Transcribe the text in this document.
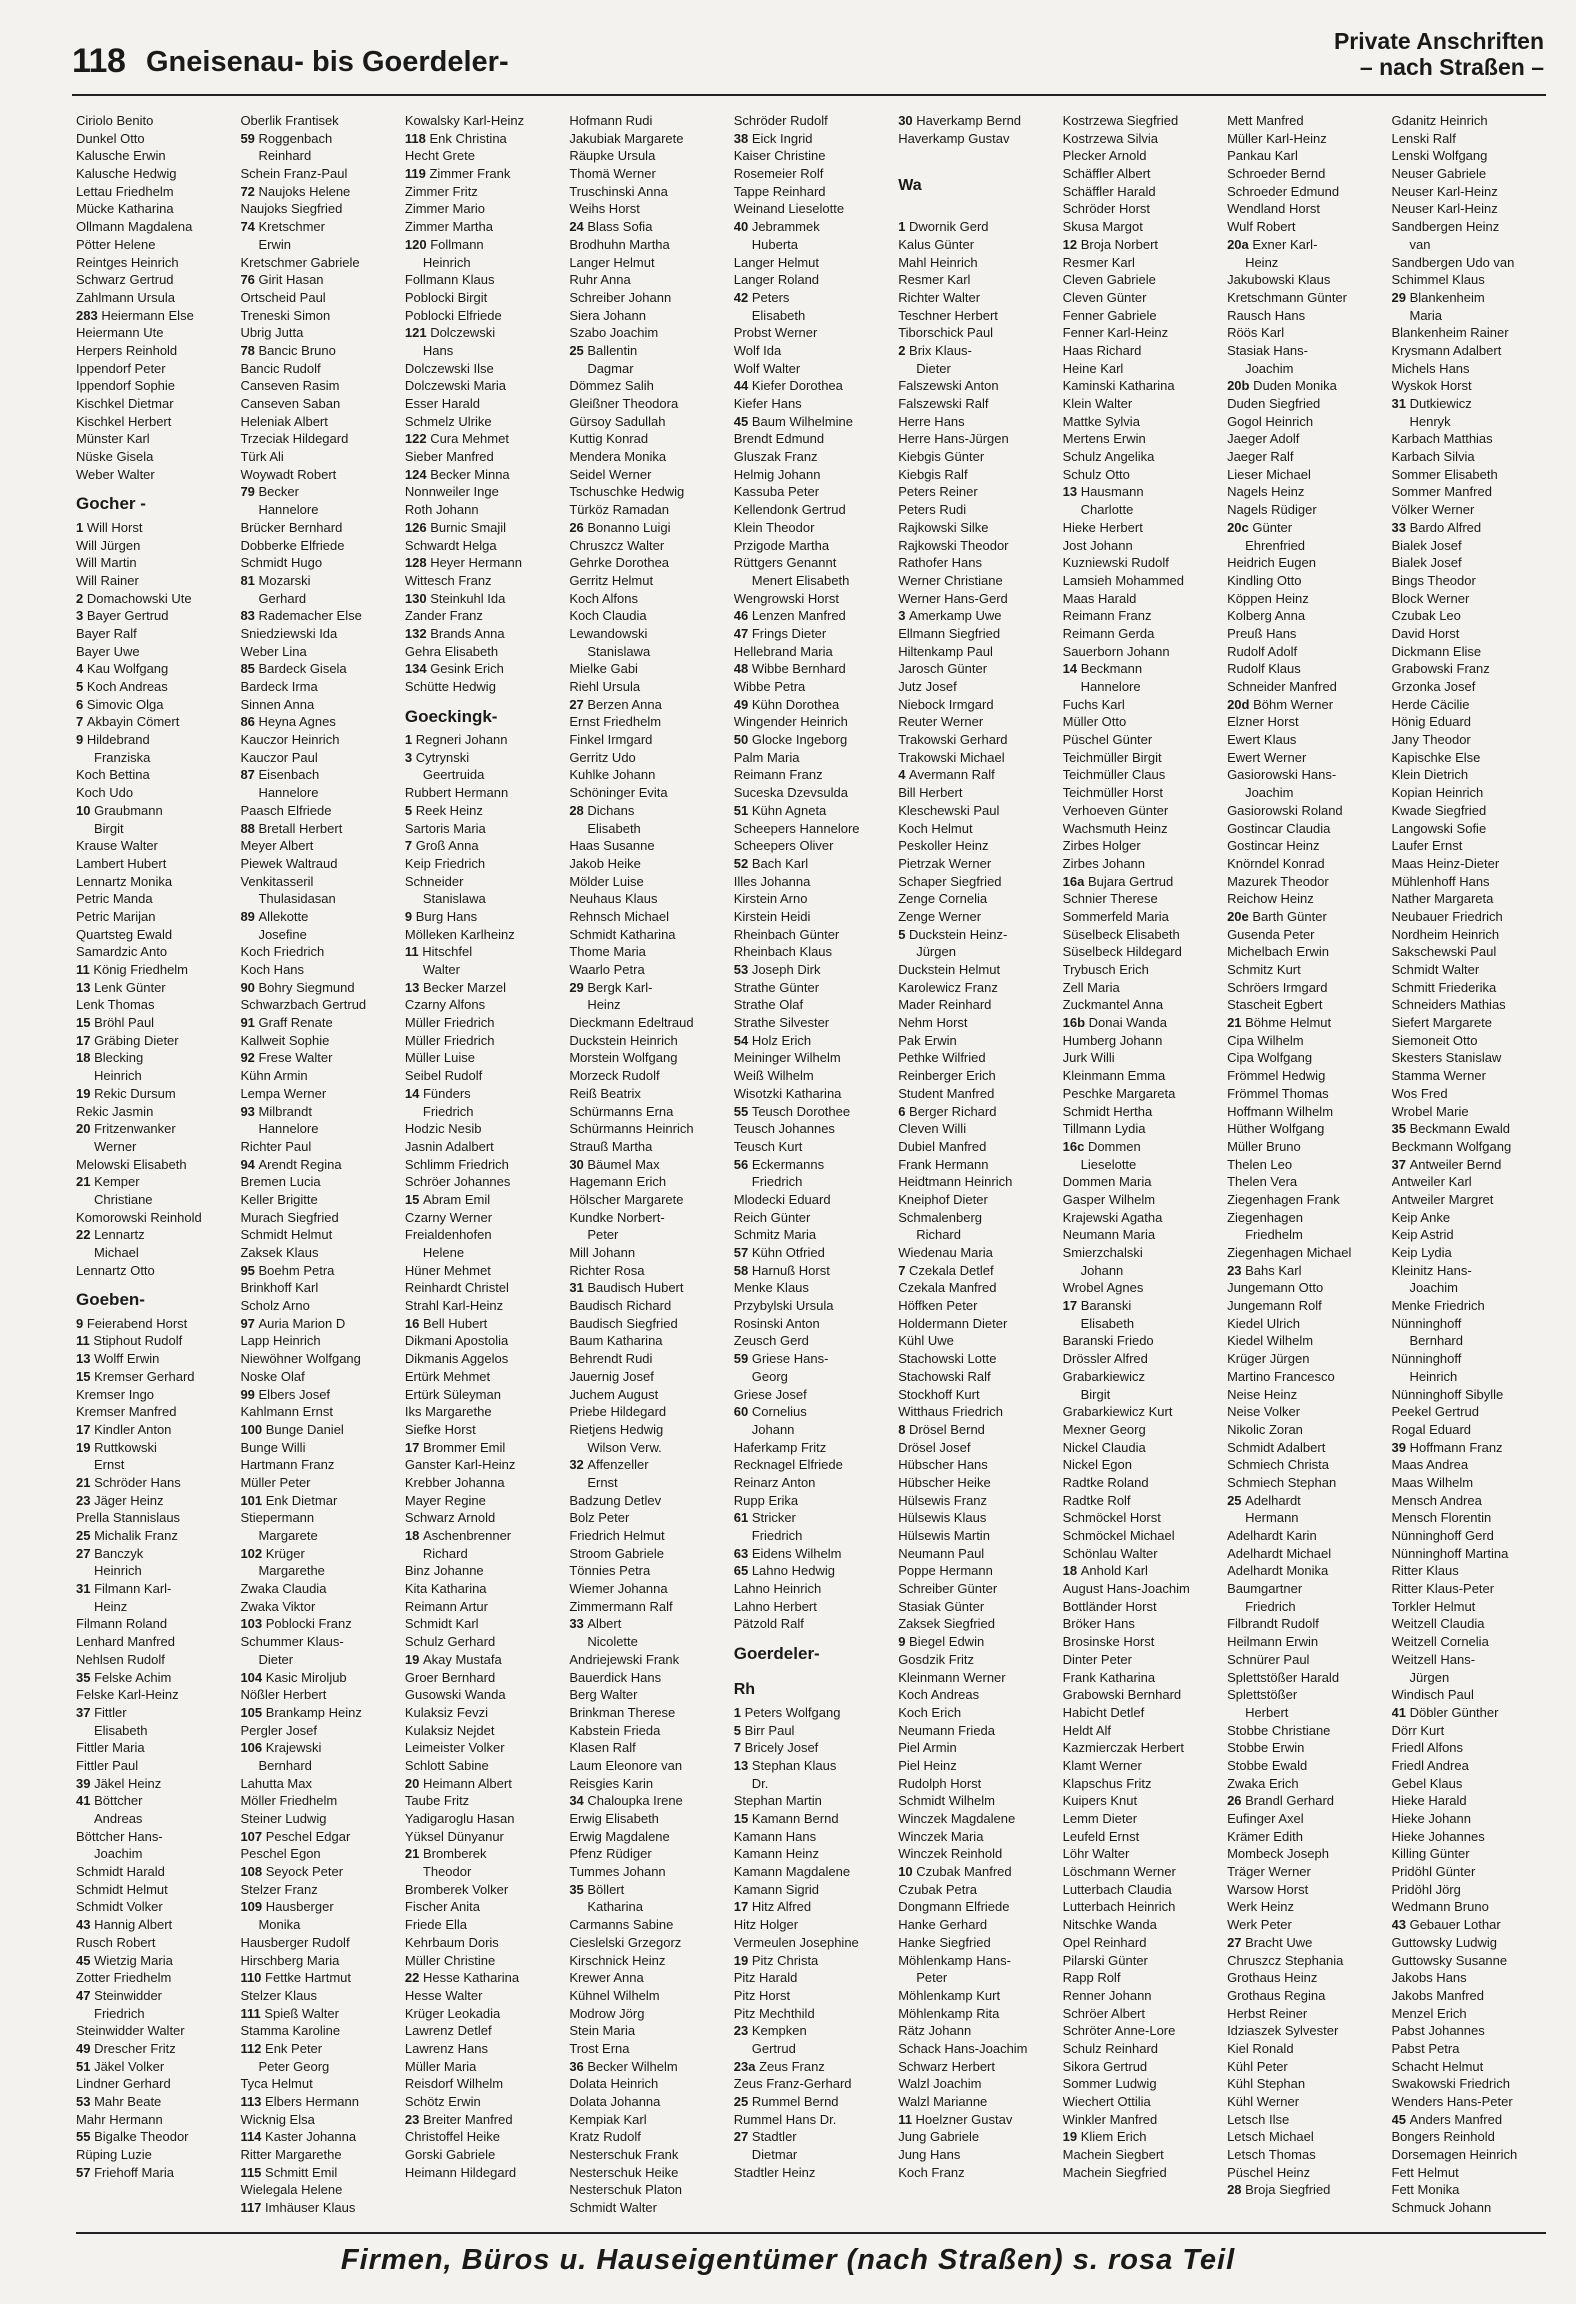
118 Gneisenau- bis Goerdeler-
Private Anschriften
– nach Straßen –
Ciriolo Benito
Dunkel Otto
Kalusche Erwin
Kalusche Hedwig
Lettau Friedhelm
Mücke Katharina
Ollmann Magdalena
Pötter Helene
Reintges Heinrich
Schwarz Gertrud
Zahlmann Ursula
283 Heiermann Else
Heiermann Ute
Herpers Reinhold
Ippendorf Peter
Ippendorf Sophie
Kischkel Dietmar
Kischkel Herbert
Münster Karl
Nüske Gisela
Weber Walter
Gocher -
1 Will Horst
Will Jürgen
Will Martin
Will Rainer
2 Domachowski Ute
3 Bayer Gertrud
Bayer Ralf
Bayer Uwe
4 Kau Wolfgang
5 Koch Andreas
6 Simovic Olga
7 Akbayin Cömert
9 Hildebrand
Franziska
Koch Bettina
Koch Udo
10 Graubmann
Birgit
Krause Walter
Lambert Hubert
Lennartz Monika
Petric Manda
Petric Marijan
Quartsteg Ewald
Samardzic Anto
11 König Friedhelm
13 Lenk Günter
Lenk Thomas
15 Bröhl Paul
17 Gräbing Dieter
18 Blecking
Heinrich
19 Rekic Dursum
Rekic Jasmin
20 Fritzenwanker
Werner
Melowski Elisabeth
21 Kemper
Christiane
Komorowski Reinhold
22 Lennartz
Michael
Lennartz Otto
Goeben-
9 Feierabend Horst
11 Stiphout Rudolf
13 Wolff Erwin
15 Kremser Gerhard
Kremser Ingo
Kremser Manfred
17 Kindler Anton
19 Ruttkowski
Ernst
21 Schröder Hans
23 Jäger Heinz
Prella Stannislaus
25 Michalik Franz
27 Banczyk
Heinrich
31 Filmann Karl-
Heinz
Filmann Roland
Lenhard Manfred
Nehlsen Rudolf
35 Felske Achim
Felske Karl-Heinz
37 Fittler
Elisabeth
Fittler Maria
Fittler Paul
39 Jäkel Heinz
41 Böttcher
Andreas
Böttcher Hans-
Joachim
Schmidt Harald
Schmidt Helmut
Schmidt Volker
43 Hannig Albert
Rusch Robert
45 Wietzig Maria
Zotter Friedhelm
47 Steinwidder
Friedrich
Steinwidder Walter
49 Drescher Fritz
51 Jäkel Volker
Lindner Gerhard
53 Mahr Beate
Mahr Hermann
55 Bigalke Theodor
Rüping Luzie
57 Friehoff Maria
Oberlik Frantisek
59 Roggenbach
Reinhard
Schein Franz-Paul
72 Naujoks Helene
Naujoks Siegfried
74 Kretschmer
Erwin
Kretschmer Gabriele
76 Girit Hasan
Ortscheid Paul
Treneski Simon
Ubrig Jutta
78 Bancic Bruno
Bancic Rudolf
Canseven Rasim
Canseven Saban
Heleniak Albert
Trzeciak Hildegard
Türk Ali
Woywadt Robert
79 Becker
Hannelore
Brücker Bernhard
Dobberke Elfriede
Schmidt Hugo
81 Mozarski
Gerhard
83 Rademacher Else
Sniedziewski Ida
Weber Lina
85 Bardeck Gisela
Bardeck Irma
Sinnen Anna
86 Heyna Agnes
Kauczor Heinrich
Kauczor Paul
87 Eisenbach
Hannelore
Paasch Elfriede
88 Bretall Herbert
Meyer Albert
Piewek Waltraud
Venkitasseril
Thulasidasan
89 Allekotte
Josefine
Koch Friedrich
Koch Hans
90 Bohry Siegmund
Schwarzbach Gertrud
91 Graff Renate
Kallweit Sophie
92 Frese Walter
Kühn Armin
Lempa Werner
93 Milbrandt
Hannelore
Richter Paul
94 Arendt Regina
Bremen Lucia
Keller Brigitte
Murach Siegfried
Schmidt Helmut
Zaksek Klaus
95 Boehm Petra
Brinkhoff Karl
Scholz Arno
97 Auria Marion D
Lapp Heinrich
Niewöhner Wolfgang
Noske Olaf
99 Elbers Josef
Kahlmann Ernst
100 Bunge Daniel
Bunge Willi
Hartmann Franz
Müller Peter
101 Enk Dietmar
Stiepermann
Margarete
102 Krüger
Margarethe
Zwaka Claudia
Zwaka Viktor
103 Poblocki Franz
Schummer Klaus-
Dieter
104 Kasic Miroljub
Nößler Herbert
105 Brankamp Heinz
Pergler Josef
106 Krajewski
Bernhard
Lahutta Max
Möller Friedhelm
Steiner Ludwig
107 Peschel Edgar
Peschel Egon
108 Seyock Peter
Stelzer Franz
109 Hausberger
Monika
Hausberger Rudolf
Hirschberg Maria
110 Fettke Hartmut
Stelzer Klaus
111 Spieß Walter
Stamma Karoline
112 Enk Peter
Peter Georg
Tyca Helmut
113 Elbers Hermann
Wicknig Elsa
114 Kaster Johanna
Ritter Margarethe
115 Schmitt Emil
Wielegala Helene
117 Imhäuser Klaus
Kowalsky Karl-Heinz
118 Enk Christina
Hecht Grete
119 Zimmer Frank
Zimmer Fritz
Zimmer Mario
Zimmer Martha
120 Follmann
Heinrich
Follmann Klaus
Poblocki Birgit
Poblocki Elfriede
121 Dolczewski
Hans
Dolczewski Ilse
Dolczewski Maria
Esser Harald
Schmelz Ulrike
122 Cura Mehmet
Sieber Manfred
124 Becker Minna
Nonnweiler Inge
Roth Johann
126 Burnic Smajil
Schwardt Helga
128 Heyer Hermann
Wittesch Franz
130 Steinkuhl Ida
Zander Franz
132 Brands Anna
Gehra Elisabeth
134 Gesink Erich
Schütte Hedwig
Goeckingk-
1 Regneri Johann
3 Cytrynski
Geertruida
Rubbert Hermann
5 Reek Heinz
Sartoris Maria
7 Groß Anna
Keip Friedrich
Schneider
Stanislawa
9 Burg Hans
Mölleken Karlheinz
11 Hitschfel
Walter
13 Becker Marzel
Czarny Alfons
Müller Friedrich
Müller Friedrich
Müller Luise
Seibel Rudolf
14 Fünders
Friedrich
Hodzic Nesib
Jasnin Adalbert
Schlimm Friedrich
Schröer Johannes
15 Abram Emil
Czarny Werner
Freialdenhofen
Helene
Hüner Mehmet
Reinhardt Christel
Strahl Karl-Heinz
16 Bell Hubert
Dikmani Apostolia
Dikmanis Aggelos
Ertürk Mehmet
Ertürk Süleyman
Iks Margarethe
Siefke Horst
17 Brommer Emil
Ganster Karl-Heinz
Krebber Johanna
Mayer Regine
Schwarz Arnold
18 Aschenbrenner
Richard
Binz Johanne
Kita Katharina
Reimann Artur
Schmidt Karl
Schulz Gerhard
19 Akay Mustafa
Groer Bernhard
Gusowski Wanda
Kulaksiz Fevzi
Kulaksiz Nejdet
Leimeister Volker
Schlott Sabine
20 Heimann Albert
Taube Fritz
Yadigaroglu Hasan
Yüksel Dünyanur
21 Bromberek
Theodor
Bromberek Volker
Fischer Anita
Friede Ella
Kehrbaum Doris
Müller Christine
22 Hesse Katharina
Hesse Walter
Krüger Leokadia
Lawrenz Detlef
Lawrenz Hans
Müller Maria
Reisdorf Wilhelm
Schötz Erwin
23 Breiter Manfred
Christoffel Heike
Gorski Gabriele
Heimann Hildegard
Hofmann Rudi
Jakubiak Margarete
Räupke Ursula
Thomä Werner
Truschinski Anna
Weihs Horst
24 Blass Sofia
Brodhuhn Martha
Langer Helmut
Ruhr Anna
Schreiber Johann
Siera Johann
Szabo Joachim
25 Ballentin
Dagmar
Dömmez Salih
Gleißner Theodora
Gürsoy Sadullah
Kuttig Konrad
Mendera Monika
Seidel Werner
Tschuschke Hedwig
Türköz Ramadan
26 Bonanno Luigi
Chruszcz Walter
Gehrke Dorothea
Gerritz Helmut
Koch Alfons
Koch Claudia
Lewandowski
Stanislawa
Mielke Gabi
Riehl Ursula
27 Berzen Anna
Ernst Friedhelm
Finkel Irmgard
Gerritz Udo
Kuhlke Johann
Schöninger Evita
28 Dichans
Elisabeth
Haas Susanne
Jakob Heike
Mölder Luise
Neuhaus Klaus
Rehnsch Michael
Schmidt Katharina
Thome Maria
Waarlo Petra
29 Bergk Karl-
Heinz
Dieckmann Edeltraud
Duckstein Heinrich
Morstein Wolfgang
Morzeck Rudolf
Reiß Beatrix
Schürmanns Erna
Schürmanns Heinrich
Strauß Martha
30 Bäumel Max
Hagemann Erich
Hölscher Margarete
Kundke Norbert-
Peter
Mill Johann
Richter Rosa
31 Baudisch Hubert
Baudisch Richard
Baudisch Siegfried
Baum Katharina
Behrendt Rudi
Jauernig Josef
Juchem August
Priebe Hildegard
Rietjens Hedwig
Wilson Verw.
32 Affenzeller
Ernst
Badzung Detlev
Bolz Peter
Friedrich Helmut
Stroom Gabriele
Tönnies Petra
Wiemer Johanna
Zimmermann Ralf
33 Albert
Nicolette
Andriejewski Frank
Bauerdick Hans
Berg Walter
Brinkman Therese
Kabstein Frieda
Klasen Ralf
Laum Eleonore van
Reisgies Karin
34 Chaloupka Irene
Erwig Elisabeth
Erwig Magdalene
Pfenz Rüdiger
Tummes Johann
35 Böllert
Katharina
Carmanns Sabine
Cieslelski Grzegorz
Kirschnick Heinz
Krewer Anna
Kühnel Wilhelm
Modrow Jörg
Stein Maria
Trost Erna
36 Becker Wilhelm
Dolata Heinrich
Dolata Johanna
Kempiak Karl
Kratz Rudolf
Nesterschuk Frank
Nesterschuk Heike
Nesterschuk Platon
Schmidt Walter
Schröder Rudolf
38 Eick Ingrid
Kaiser Christine
Rosemeier Rolf
Tappe Reinhard
Weinand Lieselotte
40 Jebrammek
Huberta
Langer Helmut
Langer Roland
42 Peters
Elisabeth
Probst Werner
Wolf Ida
Wolf Walter
44 Kiefer Dorothea
Kiefer Hans
45 Baum Wilhelmine
Brendt Edmund
Gluszak Franz
Helmig Johann
Kassuba Peter
Kellendonk Gertrud
Klein Theodor
Przigode Martha
Rüttgers Genannt
Menert Elisabeth
Wengrowski Horst
46 Lenzen Manfred
47 Frings Dieter
Hellebrand Maria
48 Wibbe Bernhard
Wibbe Petra
49 Kühn Dorothea
Wingender Heinrich
50 Glocke Ingeborg
Palm Maria
Reimann Franz
Suceska Dzevsulda
51 Kühn Agneta
Scheepers Hannelore
Scheepers Oliver
52 Bach Karl
Illes Johanna
Kirstein Arno
Kirstein Heidi
Rheinbach Günter
Rheinbach Klaus
53 Joseph Dirk
Strathe Günter
Strathe Olaf
Strathe Silvester
54 Holz Erich
Meininger Wilhelm
Weiß Wilhelm
Wisotzki Katharina
55 Teusch Dorothee
Teusch Johannes
Teusch Kurt
56 Eckermanns
Friedrich
Mlodecki Eduard
Reich Günter
Schmitz Maria
57 Kühn Otfried
58 Harnuß Horst
Menke Klaus
Przybylski Ursula
Rosinski Anton
Zeusch Gerd
59 Griese Hans-
Georg
Griese Josef
60 Cornelius
Johann
Haferkamp Fritz
Recknagel Elfriede
Reinarz Anton
Rupp Erika
61 Stricker
Friedrich
63 Eidens Wilhelm
65 Lahno Hedwig
Lahno Heinrich
Lahno Herbert
Pätzold Ralf
Goerdeler-
Rh
1 Peters Wolfgang
5 Birr Paul
7 Bricely Josef
13 Stephan Klaus
Dr.
Stephan Martin
15 Kamann Bernd
Kamann Hans
Kamann Heinz
Kamann Magdalene
Kamann Sigrid
17 Hitz Alfred
Hitz Holger
Vermeulen Josephine
19 Pitz Christa
Pitz Harald
Pitz Horst
Pitz Mechthild
23 Kempken
Gertrud
23a Zeus Franz
Zeus Franz-Gerhard
25 Rummel Bernd
Rummel Hans Dr.
27 Stadtler
Dietmar
Stadtler Heinz
30 Haverkamp Bernd
Haverkamp Gustav
Wa
1 Dwornik Gerd
Kalus Günter
Mahl Heinrich
Resmer Karl
Richter Walter
Teschner Herbert
Tiborschick Paul
2 Brix Klaus-
Dieter
Falszewski Anton
Falszewski Ralf
Herre Hans
Herre Hans-Jürgen
Kiebgis Günter
Kiebgis Ralf
Peters Reiner
Peters Rudi
Rajkowski Silke
Rajkowski Theodor
Rathofer Hans
Werner Christiane
Werner Hans-Gerd
3 Amerkamp Uwe
Ellmann Siegfried
Hiltenkamp Paul
Jarosch Günter
Jutz Josef
Niebock Irmgard
Reuter Werner
Trakowski Gerhard
Trakowski Michael
4 Avermann Ralf
Bill Herbert
Kleschewski Paul
Koch Helmut
Peskoller Heinz
Pietrzak Werner
Schaper Siegfried
Zenge Cornelia
Zenge Werner
5 Duckstein Heinz-
Jürgen
Duckstein Helmut
Karolewicz Franz
Mader Reinhard
Nehm Horst
Pak Erwin
Pethke Wilfried
Reinberger Erich
Student Manfred
6 Berger Richard
Cleven Willi
Dubiel Manfred
Frank Hermann
Heidtmann Heinrich
Kneiphof Dieter
Schmalenberg
Richard
Wiedenau Maria
7 Czekala Detlef
Czekala Manfred
Höffken Peter
Holdermann Dieter
Kühl Uwe
Stachowski Lotte
Stachowski Ralf
Stockhoff Kurt
Witthaus Friedrich
8 Drösel Bernd
Drösel Josef
Hübscher Hans
Hübscher Heike
Hülsewis Franz
Hülsewis Klaus
Hülsewis Martin
Neumann Paul
Poppe Hermann
Schreiber Günter
Stasiak Günter
Zaksek Siegfried
9 Biegel Edwin
Gosdzik Fritz
Kleinmann Werner
Koch Andreas
Koch Erich
Neumann Frieda
Piel Armin
Piel Heinz
Rudolph Horst
Schmidt Wilhelm
Winczek Magdalene
Winczek Maria
Winczek Reinhold
10 Czubak Manfred
Czubak Petra
Dongmann Elfriede
Hanke Gerhard
Hanke Siegfried
Möhlenkamp Hans-
Peter
Möhlenkamp Kurt
Möhlenkamp Rita
Rätz Johann
Schack Hans-Joachim
Schwarz Herbert
Walzl Joachim
Walzl Marianne
11 Hoelzner Gustav
Jung Gabriele
Jung Hans
Koch Franz
Kostrzewa Siegfried
Kostrzewa Silvia
Plecker Arnold
Schäffler Albert
Schäffler Harald
Schröder Horst
Skusa Margot
12 Broja Norbert
Resmer Karl
Cleven Gabriele
Cleven Günter
Fenner Gabriele
Fenner Karl-Heinz
Haas Richard
Heine Karl
Kaminski Katharina
Klein Walter
Mattke Sylvia
Mertens Erwin
Schulz Angelika
Schulz Otto
13 Hausmann
Charlotte
Hieke Herbert
Jost Johann
Kuzniewski Rudolf
Lamsieh Mohammed
Maas Harald
Reimann Franz
Reimann Gerda
Sauerborn Johann
14 Beckmann
Hannelore
Fuchs Karl
Müller Otto
Püschel Günter
Teichmüller Birgit
Teichmüller Claus
Teichmüller Horst
Verhoeven Günter
Wachsmuth Heinz
Zirbes Holger
Zirbes Johann
16a Bujara Gertrud
Schnier Therese
Sommerfeld Maria
Süselbeck Elisabeth
Süselbeck Hildegard
Trybusch Erich
Zell Maria
Zuckmantel Anna
16b Donai Wanda
Humberg Johann
Jurk Willi
Kleinmann Emma
Peschke Margareta
Schmidt Hertha
Tillmann Lydia
16c Dommen
Lieselotte
Dommen Maria
Gasper Wilhelm
Krajewski Agatha
Neumann Maria
Smierzchalski
Johann
Wrobel Agnes
17 Baranski
Elisabeth
Baranski Friedo
Drössler Alfred
Grabarkiewicz
Birgit
Grabarkiewicz Kurt
Mexner Georg
Nickel Claudia
Nickel Egon
Radtke Roland
Radtke Rolf
Schmöckel Horst
Schmöckel Michael
Schönlau Walter
18 Anhold Karl
August Hans-Joachim
Bottländer Horst
Bröker Hans
Brosinske Horst
Dinter Peter
Frank Katharina
Grabowski Bernhard
Habicht Detlef
Heldt Alf
Kazmierczak Herbert
Klamt Werner
Klapschus Fritz
Kuipers Knut
Lemm Dieter
Leufeld Ernst
Löhr Walter
Löschmann Werner
Lutterbach Claudia
Lutterbach Heinrich
Nitschke Wanda
Opel Reinhard
Pilarski Günter
Rapp Rolf
Renner Johann
Schröer Albert
Schröter Anne-Lore
Schulz Reinhard
Sikora Gertrud
Sommer Ludwig
Wiechert Ottilia
Winkler Manfred
19 Kliem Erich
Machein Siegbert
Machein Siegfried
Mett Manfred
Müller Karl-Heinz
Pankau Karl
Schroeder Bernd
Schroeder Edmund
Wendland Horst
Wulf Robert
20a Exner Karl-
Heinz
Jakubowski Klaus
Kretschmann Günter
Rausch Hans
Röös Karl
Stasiak Hans-
Joachim
20b Duden Monika
Duden Siegfried
Gogol Heinrich
Jaeger Adolf
Jaeger Ralf
Lieser Michael
Nagels Heinz
Nagels Rüdiger
20c Günter
Ehrenfried
Heidrich Eugen
Kindling Otto
Köppen Heinz
Kolberg Anna
Preuß Hans
Rudolf Adolf
Rudolf Klaus
Schneider Manfred
20d Böhm Werner
Elzner Horst
Ewert Klaus
Ewert Werner
Gasiorowski Hans-
Joachim
Gasiorowski Roland
Gostincar Claudia
Gostincar Heinz
Knörndel Konrad
Mazurek Theodor
Reichow Heinz
20e Barth Günter
Gusenda Peter
Michelbach Erwin
Schmitz Kurt
Schröers Irmgard
Stascheit Egbert
21 Böhme Helmut
Cipa Wilhelm
Cipa Wolfgang
Frömmel Hedwig
Frömmel Thomas
Hoffmann Wilhelm
Hüther Wolfgang
Müller Bruno
Thelen Leo
Thelen Vera
Ziegenhagen Frank
Ziegenhagen
Friedhelm
Ziegenhagen Michael
23 Bahs Karl
Jungemann Otto
Jungemann Rolf
Kiedel Ulrich
Kiedel Wilhelm
Krüger Jürgen
Martino Francesco
Neise Heinz
Neise Volker
Nikolic Zoran
Schmidt Adalbert
Schmiech Christa
Schmiech Stephan
25 Adelhardt
Hermann
Adelhardt Karin
Adelhardt Michael
Adelhardt Monika
Baumgartner
Friedrich
Filbrandt Rudolf
Heilmann Erwin
Schnürer Paul
Splettstößer Harald
Splettstößer
Herbert
Stobbe Christiane
Stobbe Erwin
Stobbe Ewald
Zwaka Erich
26 Brandl Gerhard
Eufinger Axel
Krämer Edith
Mombeck Joseph
Träger Werner
Warsow Horst
Werk Heinz
Werk Peter
27 Bracht Uwe
Chruszcz Stephania
Grothaus Heinz
Grothaus Regina
Herbst Reiner
Idziaszek Sylvester
Kiel Ronald
Kühl Peter
Kühl Stephan
Kühl Werner
Letsch Ilse
Letsch Michael
Letsch Thomas
Püschel Heinz
28 Broja Siegfried
Gdanitz Heinrich
Lenski Ralf
Lenski Wolfgang
Neuser Gabriele
Neuser Karl-Heinz
Neuser Karl-Heinz
Sandbergen Heinz
van
Sandbergen Udo van
Schimmel Klaus
29 Blankenheim
Maria
Blankenheim Rainer
Krysmann Adalbert
Michels Hans
Wyskok Horst
31 Dutkiewicz
Henryk
Karbach Matthias
Karbach Silvia
Sommer Elisabeth
Sommer Manfred
Völker Werner
33 Bardo Alfred
Bialek Josef
Bialek Josef
Bings Theodor
Block Werner
Czubak Leo
David Horst
Dickmann Elise
Grabowski Franz
Grzonka Josef
Herde Cäcilie
Hönig Eduard
Jany Theodor
Kapischke Else
Klein Dietrich
Kopian Heinrich
Kwade Siegfried
Langowski Sofie
Laufer Ernst
Maas Heinz-Dieter
Mühlenhoff Hans
Nather Margareta
Neubauer Friedrich
Nordheim Heinrich
Sakschewski Paul
Schmidt Walter
Schmitt Friederika
Schneiders Mathias
Siefert Margarete
Siemoneit Otto
Skesters Stanislaw
Stamma Werner
Wos Fred
Wrobel Marie
35 Beckmann Ewald
Beckmann Wolfgang
37 Antweiler Bernd
Antweiler Karl
Antweiler Margret
Keip Anke
Keip Astrid
Keip Lydia
Kleinitz Hans-
Joachim
Menke Friedrich
Nünninghoff
Bernhard
Nünninghoff
Heinrich
Nünninghoff Sibylle
Peekel Gertrud
Rogal Eduard
39 Hoffmann Franz
Maas Andrea
Maas Wilhelm
Mensch Andrea
Mensch Florentin
Nünninghoff Gerd
Nünninghoff Martina
Ritter Klaus
Ritter Klaus-Peter
Torkler Helmut
Weitzell Claudia
Weitzell Cornelia
Weitzell Hans-
Jürgen
Windisch Paul
41 Döbler Günther
Dörr Kurt
Friedl Alfons
Friedl Andrea
Gebel Klaus
Hieke Harald
Hieke Johann
Hieke Johannes
Killing Günter
Pridöhl Günter
Pridöhl Jörg
Wedmann Bruno
43 Gebauer Lothar
Guttowsky Ludwig
Guttowsky Susanne
Jakobs Hans
Jakobs Manfred
Menzel Erich
Pabst Johannes
Pabst Petra
Schacht Helmut
Swakowski Friedrich
Wenders Hans-Peter
45 Anders Manfred
Bongers Reinhold
Dorsemagen Heinrich
Fett Helmut
Fett Monika
Schmuck Johann
Firmen, Büros u. Hauseigentümer (nach Straßen) s. rosa Teil
